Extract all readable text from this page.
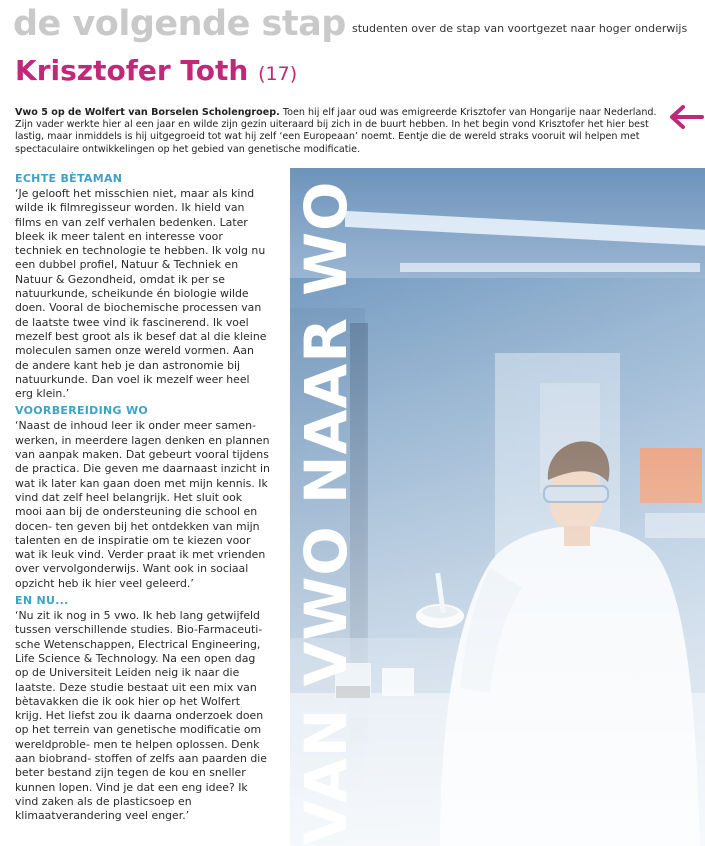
de volgende stap studenten over de stap van voortgezet naar hoger onderwijs
Krisztofer Toth (17)
Vwo 5 op de Wolfert van Borselen Scholengroep. Toen hij elf jaar oud was emigreerde Krisztofer van Hongarije naar Nederland. Zijn vader werkte hier al een jaar en wilde zijn gezin uiteraard bij zich in de buurt hebben. In het begin vond Krisztofer het hier best lastig, maar inmiddels is hij uitgegroeid tot wat hij zelf ‘een Europeaan’ noemt. Eentje die de wereld straks vooruit wil helpen met spectaculaire ontwikkelingen op het gebied van genetische modificatie.
ECHTE BÈTAMAN

‘Je gelooft het misschien niet, maar als kind wilde ik filmregisseur worden. Ik hield van films en van zelf verhalen bedenken. Later bleek ik meer talent en interesse voor techniek en technologie te hebben. Ik volg nu een dubbel profiel, Natuur & Techniek en Natuur & Gezondheid, omdat ik per se natuurkunde, scheikunde én biologie wilde doen. Vooral de biochemische processen van de laatste twee vind ik fascinerend. Ik voel mezelf best groot als ik besef dat al die kleine moleculen samen onze wereld vormen. Aan de andere kant heb je dan astronomie bij natuurkunde. Dan voel ik mezelf weer heel erg klein.’

VOORBEREIDING WO

‘Naast de inhoud leer ik onder meer samen- werken, in meerdere lagen denken en plannen van aanpak maken. Dat gebeurt vooral tijdens de practica. Die geven me daarnaast inzicht in wat ik later kan gaan doen met mijn kennis. Ik vind dat zelf heel belangrijk. Het sluit ook mooi aan bij de ondersteuning die school en docen- ten geven bij het ontdekken van mijn talenten en de inspiratie om te kiezen voor wat ik leuk vind. Verder praat ik met vrienden over vervolgonderwijs. Want ook in sociaal opzicht heb ik hier veel geleerd.’

EN NU...

‘Nu zit ik nog in 5 vwo. Ik heb lang getwijfeld tussen verschillende studies. Bio-Farmaceuti- sche Wetenschappen, Electrical Engineering, Life Science & Technology. Na een open dag op de Universiteit Leiden neig ik naar die laatste. Deze studie bestaat uit een mix van bètavakken die ik ook hier op het Wolfert krijg. Het liefst zou ik daarna onderzoek doen op het terrein van genetische modificatie om wereldproble- men te helpen oplossen. Denk aan biobrand- stoffen of zelfs aan paarden die beter bestand zijn tegen de kou en sneller kunnen lopen. Vind je dat een eng idee? Ik vind zaken als de plasticsoep en klimaatverandering veel enger.’	VAN VWO NAAR WO
